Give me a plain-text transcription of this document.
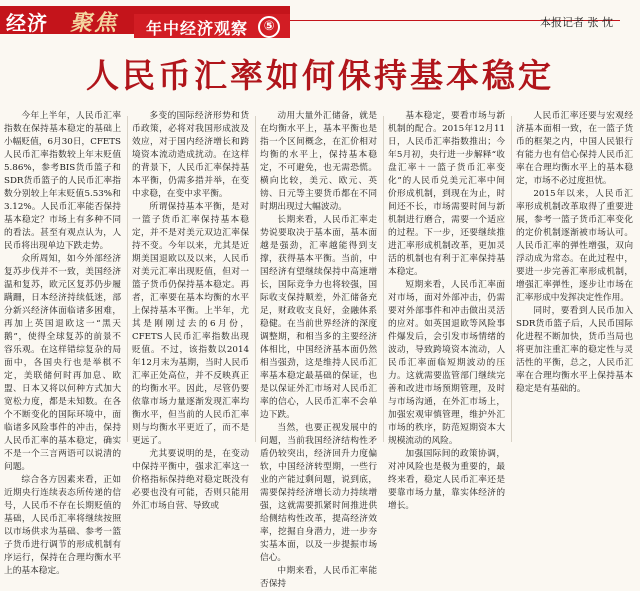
经济 聚焦 年中经济观察	⑤	本报记者 张 忱
人民币汇率如何保持基本稳定

今年上半年，人民币汇率指数在保持基本稳定的基础上小幅贬值，6月30日，CFETS人民币汇率指数较上年末贬值5.86%，参考BIS货币篮子和SDR货币篮子的人民币汇率指数分别较上年末贬值5.53%和3.12%。人民币汇率能否保持基本稳定？市场上有多种不同的看法。甚至有观点认为，人民币将出现单边下跌走势。

众所周知，如今外部经济复苏步伐并不一致，美国经济温和复苏，欧元区复苏仍步履蹒跚，日本经济持续低迷，部分新兴经济体面临诸多困难，再加上英国退欧这一“黑天鹅”，使得全球复苏的前景不容乐观。在这样错综复杂的局面中，各国央行也是举棋不定，美联储何时再加息、欧盟、日本又将以何种方式加大宽松力度，都是未知数。在各个不断变化的国际环境中，面临诸多风险事件的冲击，保持人民币汇率的基本稳定，确实不是一个三言两语可以说清的问题。

综合各方因素来看，正如近期央行连续表态所传递的信号，人民币不存在长期贬值的基础，人民币汇率将继续按照以市场供求为基础、参考一篮子货币进行调节的形成机制有序运行，保持在合理均衡水平上的基本稳定。

多变的国际经济形势和货币政策，必将对我国形成波及效应，对于国内经济增长和跨境资本流动造成扰动。在这样的背景下，人民币汇率保持基本平衡，仍需多措并举，在变中求稳，在变中求平衡。

所谓保持基本平衡，是对一篮子货币汇率保持基本稳定，并不是对美元双边汇率保持不变。今年以来，尤其是近期美国退欧以及以来，人民币对美元汇率出现贬值，但对一篮子货币仍保持基本稳定。再者，汇率要在基本均衡的水平上保持基本平衡。上半年，尤其是刚刚过去的6月份，CFETS人民币汇率指数出现贬值。不过，该指数以2014年12月末为基期，当时人民币汇率正处高位，并不反映真正的均衡水平。因此，尽管仍要依靠市场力量逐渐发现汇率均衡水平，但当前的人民币汇率则与均衡水平更近了，而不是更远了。

尤其要说明的是，在变动中保持平衡中，强求汇率这一价格指标保持绝对稳定既没有必要也没有可能，否则只能用外汇市场自营、导致或

动用大量外汇储备，就是在均衡水平上，基本平衡也是指一个区间概念，在汇价相对均衡的水平上，保持基本稳定，不可避免，也无需恐慌。横向比较，美元、欧元、英镑、日元等主要货币都在不同时期出现过大幅波动。

长期来看，人民币汇率走势说要取决于基本面，基本面越是强劲，汇率越能得到支撑，获得基本平衡。当前，中国经济有望继续保持中高速增长，国际竞争力也将较强，国际收支保持顺差，外汇储备充足，财政收支良好，金融体系稳健。在当前世界经济的深度调整期，和相当多的主要经济体相比，中国经济基本面仍然相当强劲，这是维持人民币汇率基本稳定最基础的保证，也是以保证外汇市场对人民币汇率的信心，人民币汇率不会单边下跌。

当然，也要正视发展中的问题，当前我国经济结构性矛盾仍较突出，经济回升力度偏软，中国经济转型期，一些行业的产能过剩问题，说到底，需要保持经济增长动力持续增强，这就需要抓紧时间推进供给侧结构性改革，提高经济效率，挖掘自身潜力，进一步夯实基本面，以及一步提振市场信心。

中期来看，人民币汇率能否保持

基本稳定，要看市场与新机制的配合。2015年12月11日，人民币汇率指数推出；今年5月初，央行进一步解释“收盘汇率＋一篮子货币汇率变化”的人民币兑美元汇率中间价形成机制，到现在为止，时间还不长，市场需要时间与新机制进行磨合，需要一个适应的过程。下一步，还要继续推进汇率形成机制改革，更加灵活的机制也有利于汇率保持基本稳定。

短期来看，人民币汇率面对市场，面对外部冲击，仍需要对外部事件和冲击做出灵活的应对。如英国退欧等风险事件爆发后，会引发市场情绪的波动，导致跨境资本流动，人民币汇率面临短期波动的压力。这就需要监管部门继续完善和改进市场预期管理，及时与市场沟通，在外汇市场上，加强宏观审慎管理，维护外汇市场的秩序，防范短期资本大规模流动的风险。

加强国际间的政策协调，对冲风险也是极为重要的，最终来看，稳定人民币汇率还是要靠市场力量，靠实体经济的增长。

人民币汇率还要与宏观经济基本面相一致，在一篮子货币的框架之内，中国人民银行有能力也有信心保持人民币汇率在合理均衡水平上的基本稳定，市场不必过度担忧。

2015年以来，人民币汇率形成机制改革取得了重要进展，参考一篮子货币汇率变化的定价机制逐渐被市场认可。人民币汇率的弹性增强，双向浮动成为常态。在此过程中，要进一步完善汇率形成机制，增强汇率弹性，逐步让市场在汇率形成中发挥决定性作用。

同时，要看到人民币加入SDR货币篮子后，人民币国际化进程不断加快，货币当局也将更加注重汇率的稳定性与灵活性的平衡，总之，人民币汇率在合理均衡水平上保持基本稳定是有基础的。
